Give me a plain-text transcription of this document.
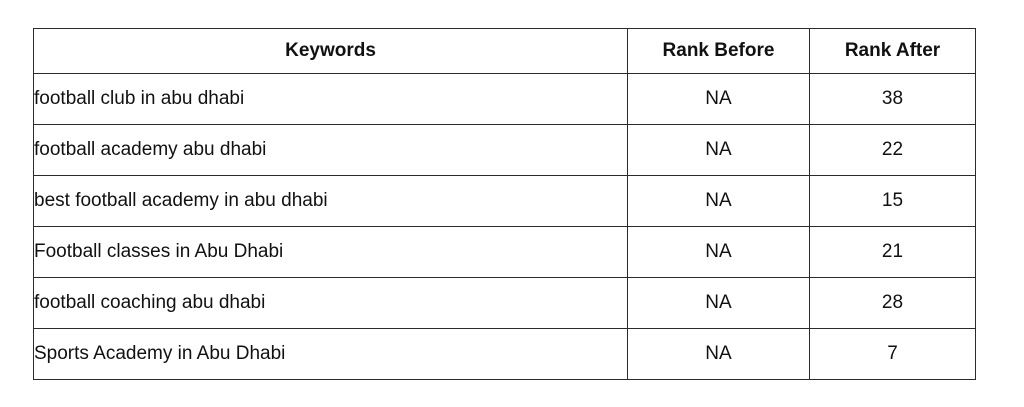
Keywords	Rank Before	Rank After
football club in abu dhabi	NA	38
football academy abu dhabi	NA	22
best football academy in abu dhabi	NA	15
Football classes in Abu Dhabi	NA	21
football coaching abu dhabi	NA	28
Sports Academy in Abu Dhabi	NA	7
